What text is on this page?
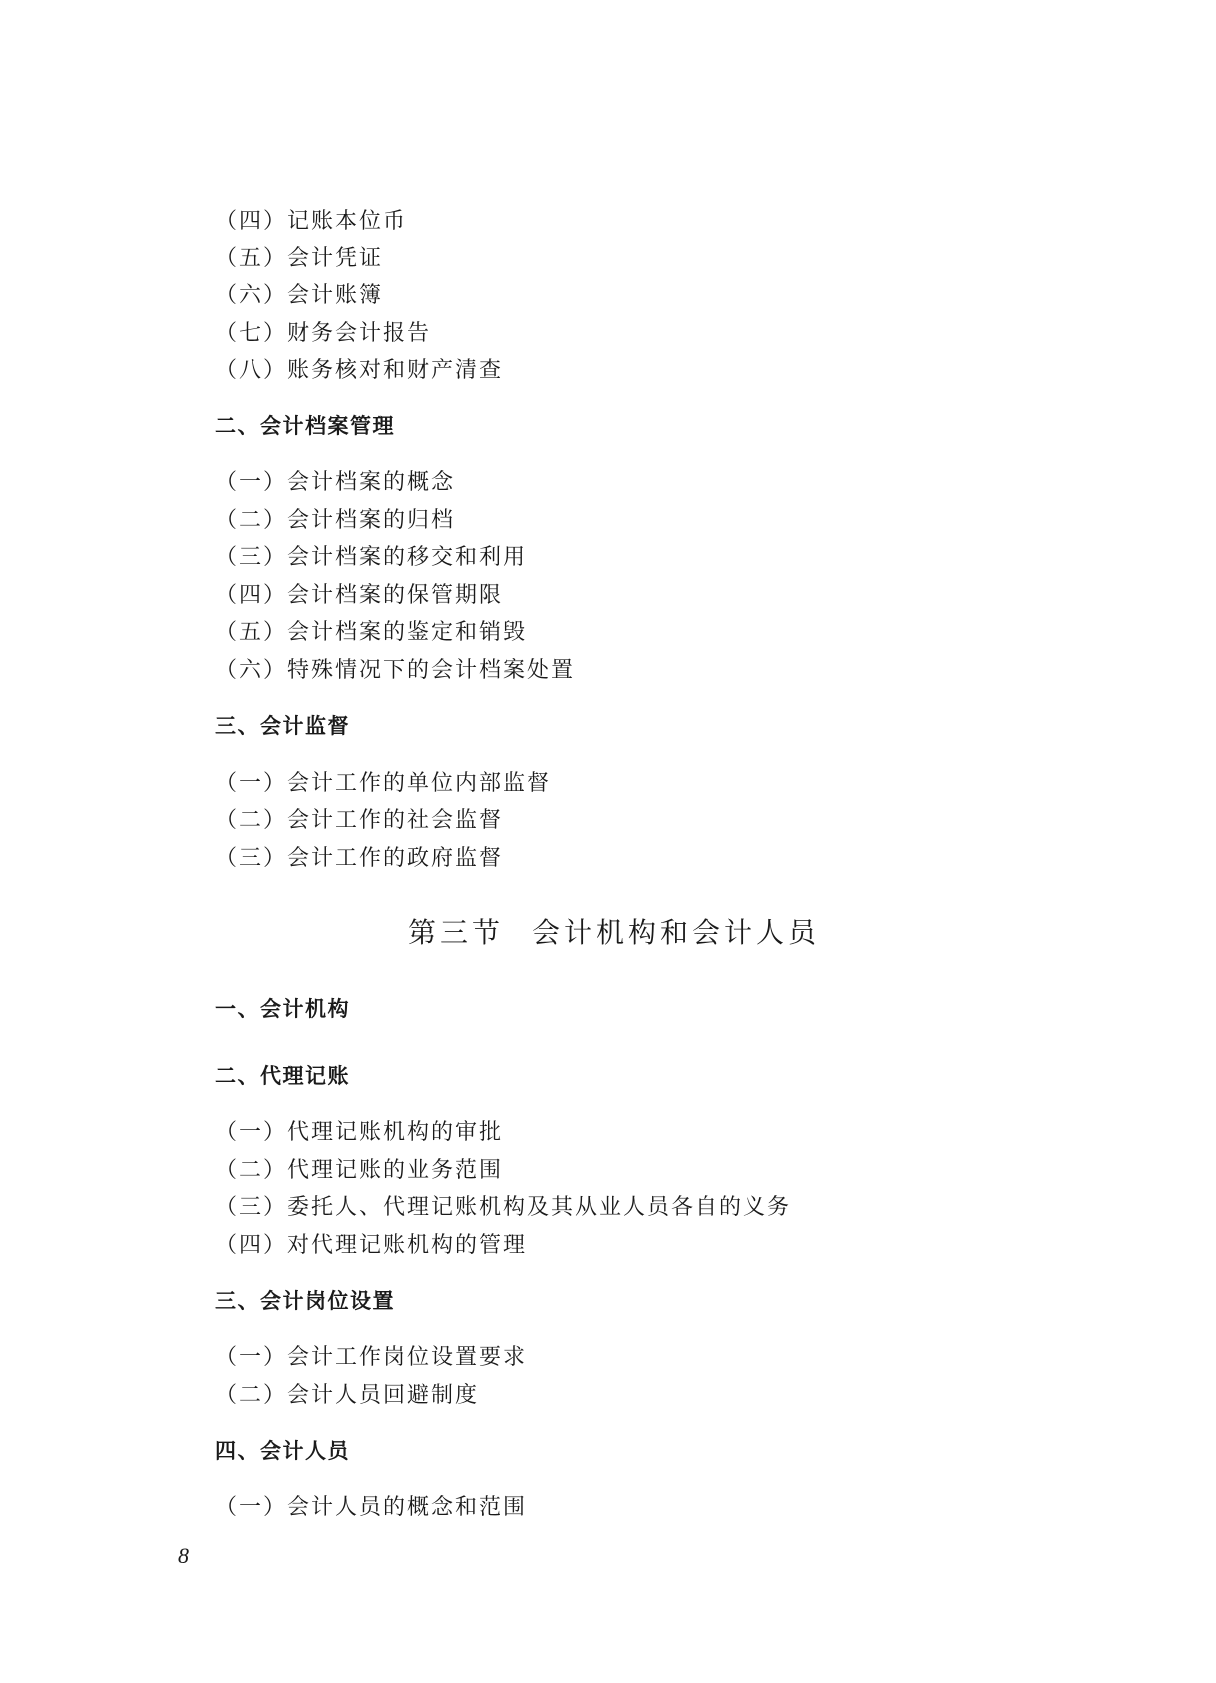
（四）记账本位币
（五）会计凭证
（六）会计账簿
（七）财务会计报告
（八）账务核对和财产清查
二、会计档案管理
（一）会计档案的概念
（二）会计档案的归档
（三）会计档案的移交和利用
（四）会计档案的保管期限
（五）会计档案的鉴定和销毁
（六）特殊情况下的会计档案处置
三、会计监督
（一）会计工作的单位内部监督
（二）会计工作的社会监督
（三）会计工作的政府监督
第三节 会计机构和会计人员
一、会计机构
二、代理记账
（一）代理记账机构的审批
（二）代理记账的业务范围
（三）委托人、代理记账机构及其从业人员各自的义务
（四）对代理记账机构的管理
三、会计岗位设置
（一）会计工作岗位设置要求
（二）会计人员回避制度
四、会计人员
（一）会计人员的概念和范围
8
